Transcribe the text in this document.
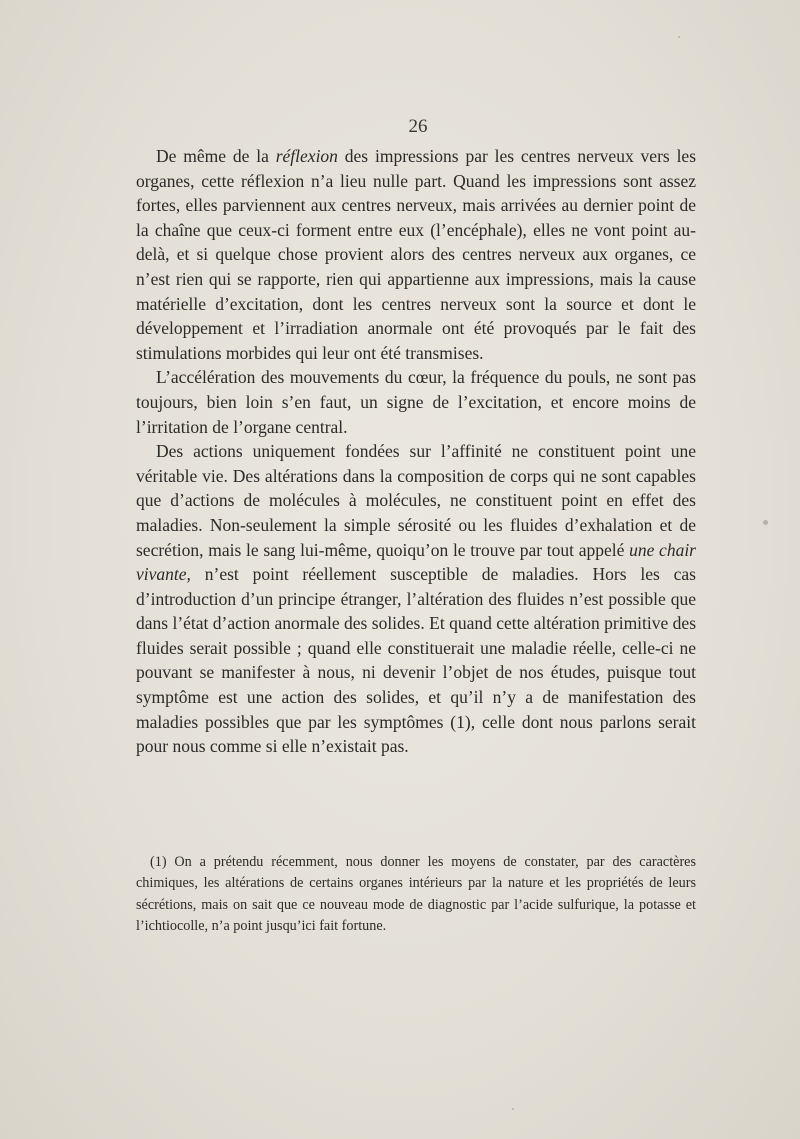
26

De même de la réflexion des impressions par les centres nerveux vers les organes, cette réflexion n’a lieu nulle part. Quand les impressions sont assez fortes, elles parviennent aux centres nerveux, mais arrivées au dernier point de la chaîne que ceux-ci forment entre eux (l’encéphale), elles ne vont point au-delà, et si quelque chose provient alors des centres nerveux aux organes, ce n’est rien qui se rapporte, rien qui appartienne aux impressions, mais la cause matérielle d’excitation, dont les centres nerveux sont la source et dont le développement et l’irradiation anormale ont été provoqués par le fait des stimulations morbides qui leur ont été transmises.

L’accélération des mouvements du cœur, la fréquence du pouls, ne sont pas toujours, bien loin s’en faut, un signe de l’excitation, et encore moins de l’irritation de l’organe central.

Des actions uniquement fondées sur l’affinité ne constituent point une véritable vie. Des altérations dans la composition de corps qui ne sont capables que d’actions de molécules à molécules, ne constituent point en effet des maladies. Non-seulement la simple sérosité ou les fluides d’exhalation et de secrétion, mais le sang lui-même, quoiqu’on le trouve par tout appelé une chair vivante, n’est point réellement susceptible de maladies. Hors les cas d’introduction d’un principe étranger, l’altération des fluides n’est possible que dans l’état d’action anormale des solides. Et quand cette altération primitive des fluides serait possible ; quand elle constituerait une maladie réelle, celle-ci ne pouvant se manifester à nous, ni devenir l’objet de nos études, puisque tout symptôme est une action des solides, et qu’il n’y a de manifestation des maladies possibles que par les symptômes (1), celle dont nous parlons serait pour nous comme si elle n’existait pas.

(1) On a prétendu récemment, nous donner les moyens de constater, par des caractères chimiques, les altérations de certains organes intérieurs par la nature et les propriétés de leurs sécrétions, mais on sait que ce nouveau mode de diagnostic par l’acide sulfurique, la potasse et l’ichtiocolle, n’a point jusqu’ici fait fortune.
